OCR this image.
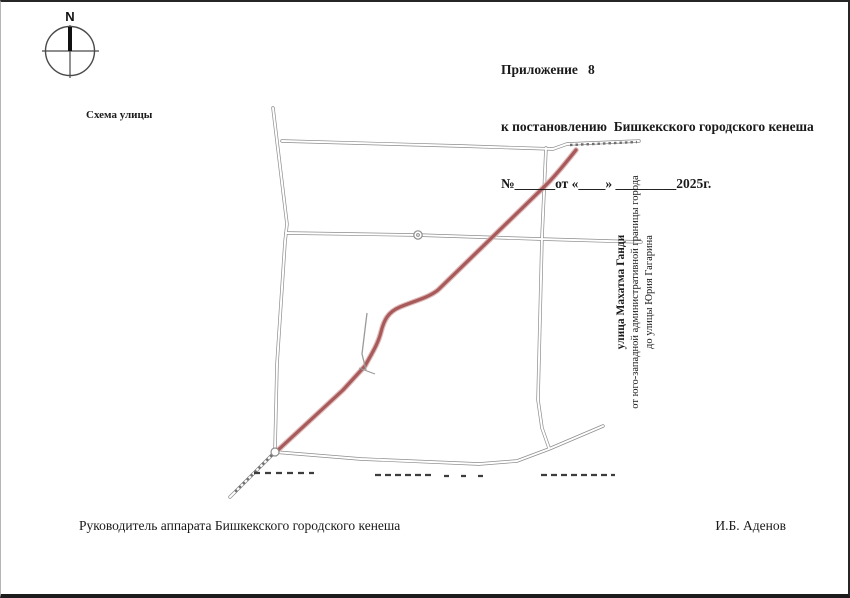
N

Приложение   8

к постановлению  Бишкекского городского кенеша

№______от «____» _________2025г.

Схема улицы
улица Махатма Ганди от юго-западной административной границы города до улицы Юрия Гагарина
Руководитель аппарата Бишкекского городского кенеша	И.Б. Аденов
